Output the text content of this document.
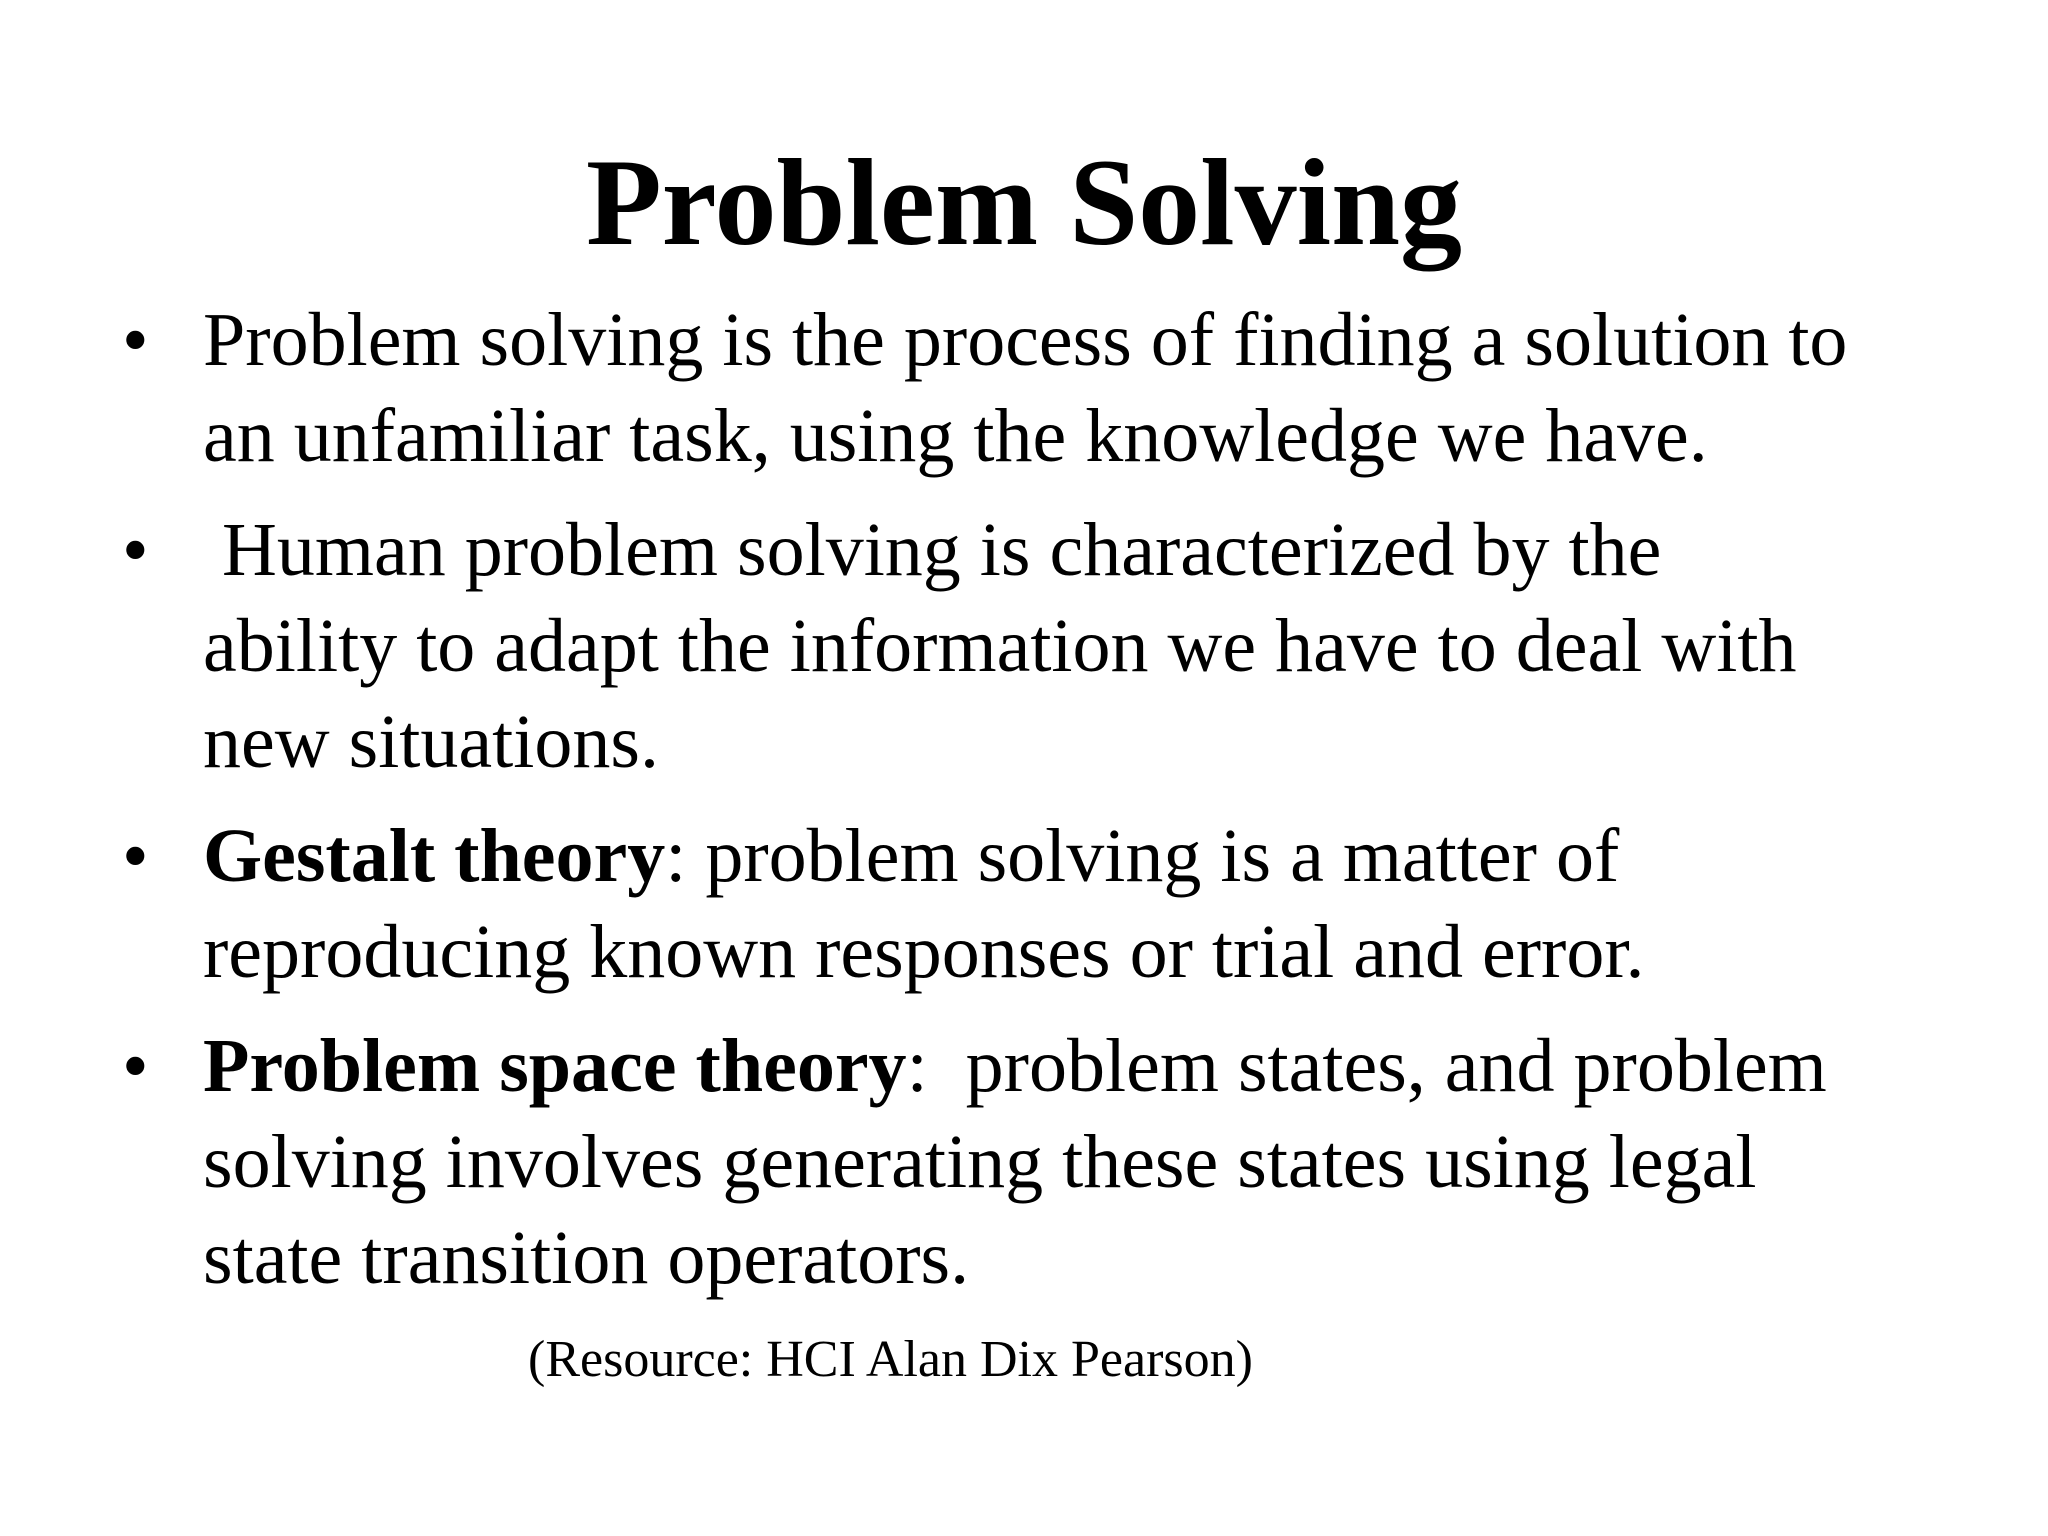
Problem Solving
• Problem solving is the process of finding a solution to
an unfamiliar task, using the knowledge we have.
• Human problem solving is characterized by the
ability to adapt the information we have to deal with
new situations.
• Gestalt theory: problem solving is a matter of
reproducing known responses or trial and error.
• Problem space theory:  problem states, and problem
solving involves generating these states using legal
state transition operators.
(Resource: HCI Alan Dix Pearson)
